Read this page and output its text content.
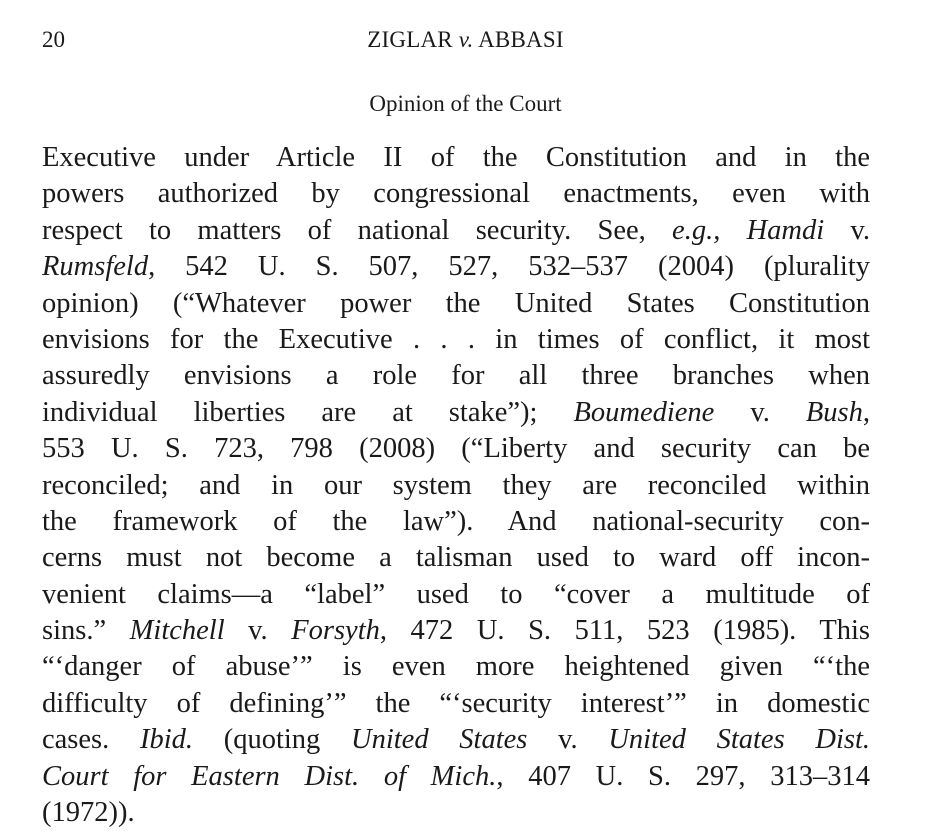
20	ZIGLAR v. ABBASI
Opinion of the Court
Executive under Article II of the Constitution and in the
powers authorized by congressional enactments, even with
respect to matters of national security. See, e.g., Hamdi v.
Rumsfeld, 542 U. S. 507, 527, 532–537 (2004) (plurality
opinion) (“Whatever power the United States Constitution
envisions for the Executive . . . in times of conflict, it most
assuredly envisions a role for all three branches when
individual liberties are at stake”); Boumediene v. Bush,
553 U. S. 723, 798 (2008) (“Liberty and security can be
reconciled; and in our system they are reconciled within
the framework of the law”). And national-security con-
cerns must not become a talisman used to ward off incon-
venient claims—a “label” used to “cover a multitude of
sins.” Mitchell v. Forsyth, 472 U. S. 511, 523 (1985). This
“‘danger of abuse’” is even more heightened given “‘the
difficulty of defining’” the “‘security interest’” in domestic
cases. Ibid. (quoting United States v. United States Dist.
Court for Eastern Dist. of Mich., 407 U. S. 297, 313–314
(1972)).
